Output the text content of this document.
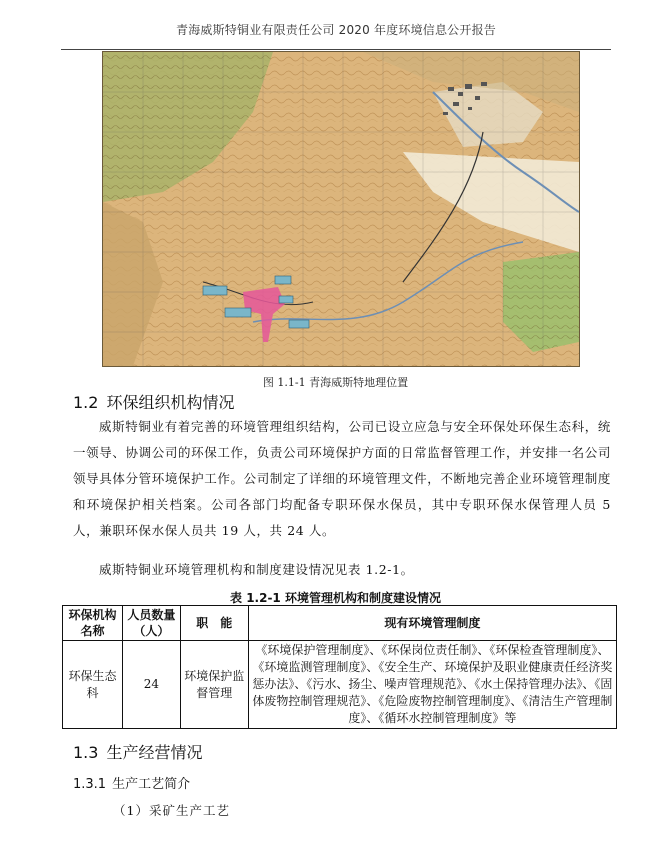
青海威斯特铜业有限责任公司 2020 年度环境信息公开报告
图 1.1-1 青海威斯特地理位置
1.2 环保组织机构情况

威斯特铜业有着完善的环境管理组织结构，公司已设立应急与安全环保处环保生态科，统一领导、协调公司的环保工作，负责公司环境保护方面的日常监督管理工作，并安排一名公司领导具体分管环境保护工作。公司制定了详细的环境管理文件，不断地完善企业环境管理制度和环境保护相关档案。公司各部门均配备专职环保水保员，其中专职环保水保管理人员 5 人，兼职环保水保人员共 19 人，共 24 人。

威斯特铜业环境管理机构和制度建设情况见表 1.2-1。

表 1.2-1 环境管理机构和制度建设情况
环保机构名称	人员数量（人）	职　能	现有环境管理制度
环保生态科	24	环境保护监督管理	《环境保护管理制度》、《环保岗位责任制》、《环保检查管理制度》、《环境监测管理制度》、《安全生产、环境保护及职业健康责任经济奖惩办法》、《污水、扬尘、噪声管理规范》、《水土保持管理办法》、《固体废物控制管理规范》、《危险废物控制管理制度》、《清洁生产管理制度》、《循环水控制管理制度》等
1.3 生产经营情况
1.3.1 生产工艺简介
（1）采矿生产工艺
